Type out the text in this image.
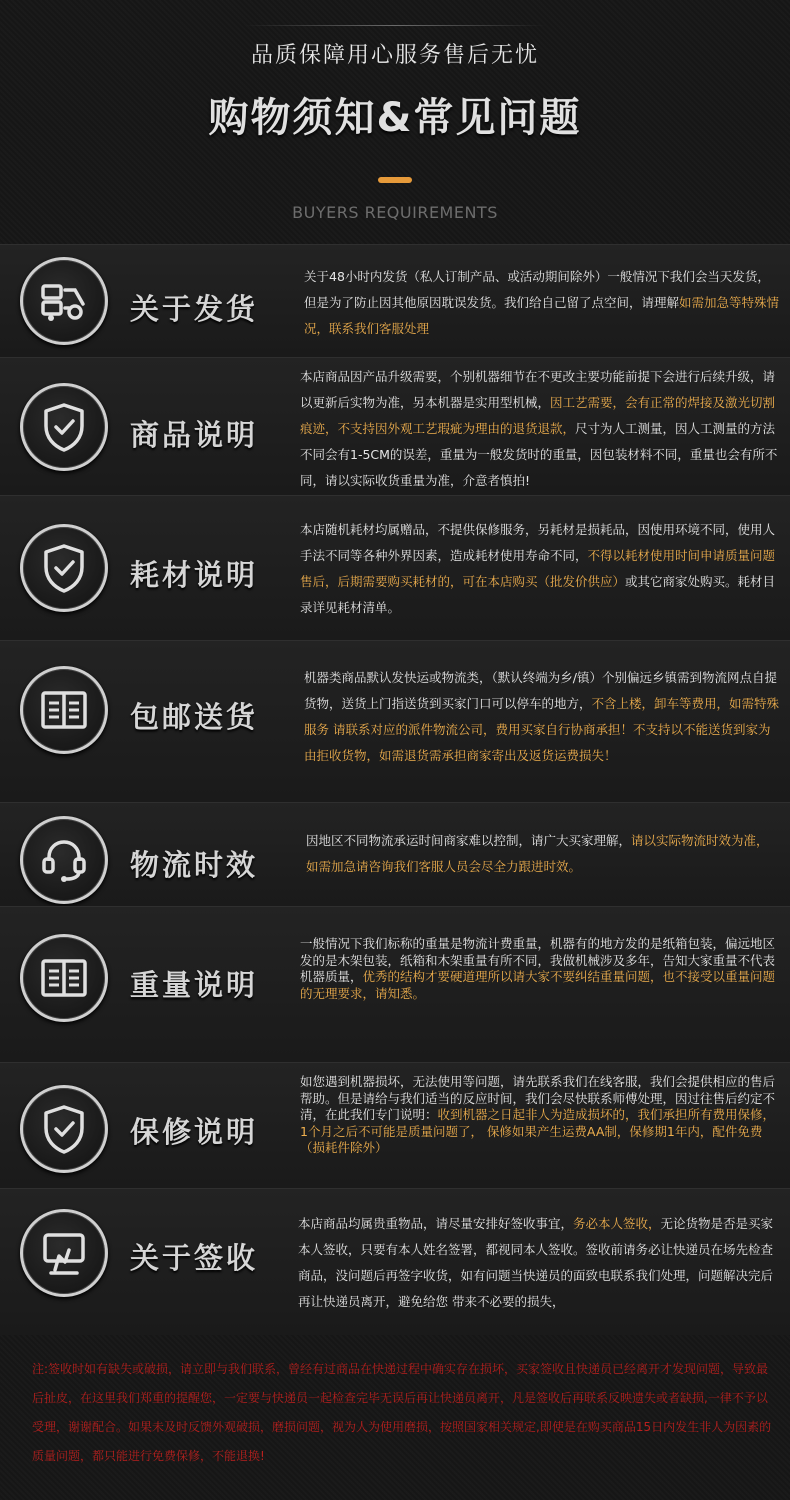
品质保障用心服务售后无忧
购物须知&常见问题
BUYERS REQUIREMENTS
关于发货
关于48小时内发货（私人订制产品、或活动期间除外）一般情况下我们会当天发货，但是为了防止因其他原因耽误发货。我们给自己留了点空间，请理解如需加急等特殊情况，联系我们客服处理
商品说明
本店商品因产品升级需要，个别机器细节在不更改主要功能前提下会进行后续升级，请以更新后实物为准，另本机器是实用型机械，因工艺需要，会有正常的焊接及激光切割痕迹，不支持因外观工艺瑕疵为理由的退货退款，尺寸为人工测量，因人工测量的方法不同会有1-5CM的误差，重量为一般发货时的重量，因包装材料不同，重量也会有所不同，请以实际收货重量为准，介意者慎拍!
耗材说明
本店随机耗材均属赠品，不提供保修服务，另耗材是损耗品，因使用环境不同，使用人手法不同等各种外界因素，造成耗材使用寿命不同，不得以耗材使用时间申请质量问题售后，后期需要购买耗材的，可在本店购买（批发价供应）或其它商家处购买。耗材目录详见耗材清单。
包邮送货
机器类商品默认发快运或物流类，（默认终端为乡/镇）个别偏远乡镇需到物流网点自提货物，送货上门指送货到买家门口可以停车的地方，不含上楼，卸车等费用，如需特殊服务 请联系对应的派件物流公司，费用买家自行协商承担！不支持以不能送货到家为由拒收货物，如需退货需承担商家寄出及返货运费损失！
物流时效
因地区不同物流承运时间商家难以控制，请广大买家理解，请以实际物流时效为准，如需加急请咨询我们客服人员会尽全力跟进时效。
重量说明
一般情况下我们标称的重量是物流计费重量，机器有的地方发的是纸箱包装，偏远地区发的是木架包装，纸箱和木架重量有所不同，我做机械涉及多年，告知大家重量不代表机器质量，优秀的结构才要硬道理所以请大家不要纠结重量问题，也不接受以重量问题的无理要求，请知悉。
保修说明
如您遇到机器损坏，无法使用等问题，请先联系我们在线客服，我们会提供相应的售后帮助。但是请给与我们适当的反应时间，我们会尽快联系师傅处理，因过往售后约定不清，在此我们专门说明：收到机器之日起非人为造成损坏的，我们承担所有费用保修，1个月之后不可能是质量问题了， 保修如果产生运费AA制，保修期1年内，配件免费（损耗件除外）
关于签收
本店商品均属贵重物品，请尽量安排好签收事宜，务必本人签收，无论货物是否是买家本人签收，只要有本人姓名签署，都视同本人签收。签收前请务必让快递员在场先检查商品，没问题后再签字收货，如有问题当快递员的面致电联系我们处理，问题解决完后再让快递员离开，避免给您 带来不必要的损失，
注:签收时如有缺失或破损，请立即与我们联系，曾经有过商品在快递过程中确实存在损坏，买家签收且快递员已经离开才发现问题，导致最后扯皮，在这里我们郑重的提醒您，一定要与快递员一起检查完毕无误后再让快递员离开，凡是签收后再联系反映遗失或者缺损,一律不予以受理，谢谢配合。如果未及时反馈外观破损，磨损问题，视为人为使用磨损，按照国家相关规定,即使是在购买商品15日内发生非人为因素的质量问题，都只能进行免费保修，不能退换!
